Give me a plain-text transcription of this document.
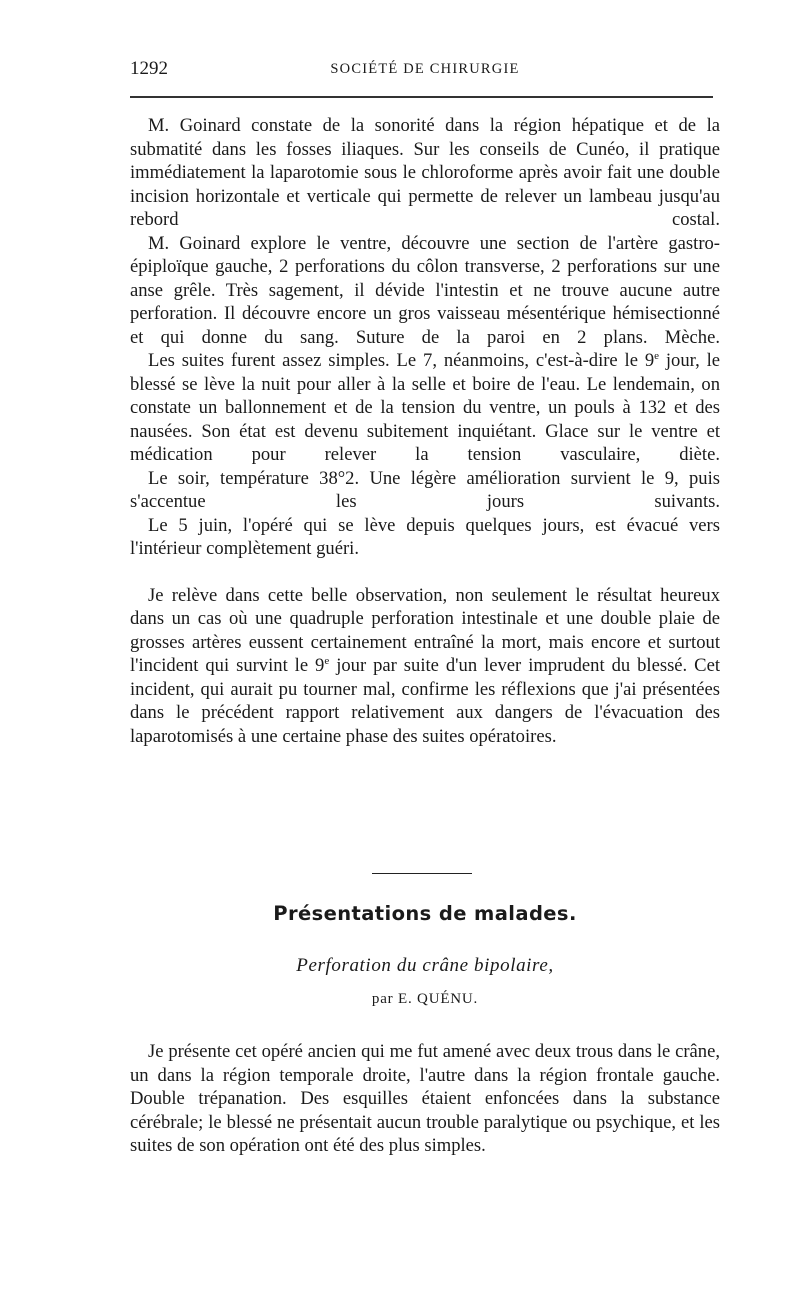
1292	SOCIÉTÉ DE CHIRURGIE

M. Goinard constate de la sonorité dans la région hépatique et de la submatité dans les fosses iliaques. Sur les conseils de Cunéo, il pratique immédiatement la laparotomie sous le chloroforme après avoir fait une double incision horizontale et verticale qui permette de relever un lambeau jusqu'au rebord costal.

M. Goinard explore le ventre, découvre une section de l'artère gastro-épiploïque gauche, 2 perforations du côlon transverse, 2 perforations sur une anse grêle. Très sagement, il dévide l'intestin et ne trouve aucune autre perforation. Il découvre encore un gros vaisseau mésentérique hémisectionné et qui donne du sang. Suture de la paroi en 2 plans. Mèche.

Les suites furent assez simples. Le 7, néanmoins, c'est-à-dire le 9e jour, le blessé se lève la nuit pour aller à la selle et boire de l'eau. Le lendemain, on constate un ballonnement et de la tension du ventre, un pouls à 132 et des nausées. Son état est devenu subitement inquiétant. Glace sur le ventre et médication pour relever la tension vasculaire, diète.

Le soir, température 38°2. Une légère amélioration survient le 9, puis s'accentue les jours suivants.

Le 5 juin, l'opéré qui se lève depuis quelques jours, est évacué vers l'intérieur complètement guéri.

Je relève dans cette belle observation, non seulement le résultat heureux dans un cas où une quadruple perforation intestinale et une double plaie de grosses artères eussent certainement entraîné la mort, mais encore et surtout l'incident qui survint le 9e jour par suite d'un lever imprudent du blessé. Cet incident, qui aurait pu tourner mal, confirme les réflexions que j'ai présentées dans le précédent rapport relativement aux dangers de l'évacuation des laparotomisés à une certaine phase des suites opératoires.

Présentations de malades.
Perforation du crâne bipolaire,
par E. QUÉNU.

Je présente cet opéré ancien qui me fut amené avec deux trous dans le crâne, un dans la région temporale droite, l'autre dans la région frontale gauche. Double trépanation. Des esquilles étaient enfoncées dans la substance cérébrale; le blessé ne présentait aucun trouble paralytique ou psychique, et les suites de son opération ont été des plus simples.
